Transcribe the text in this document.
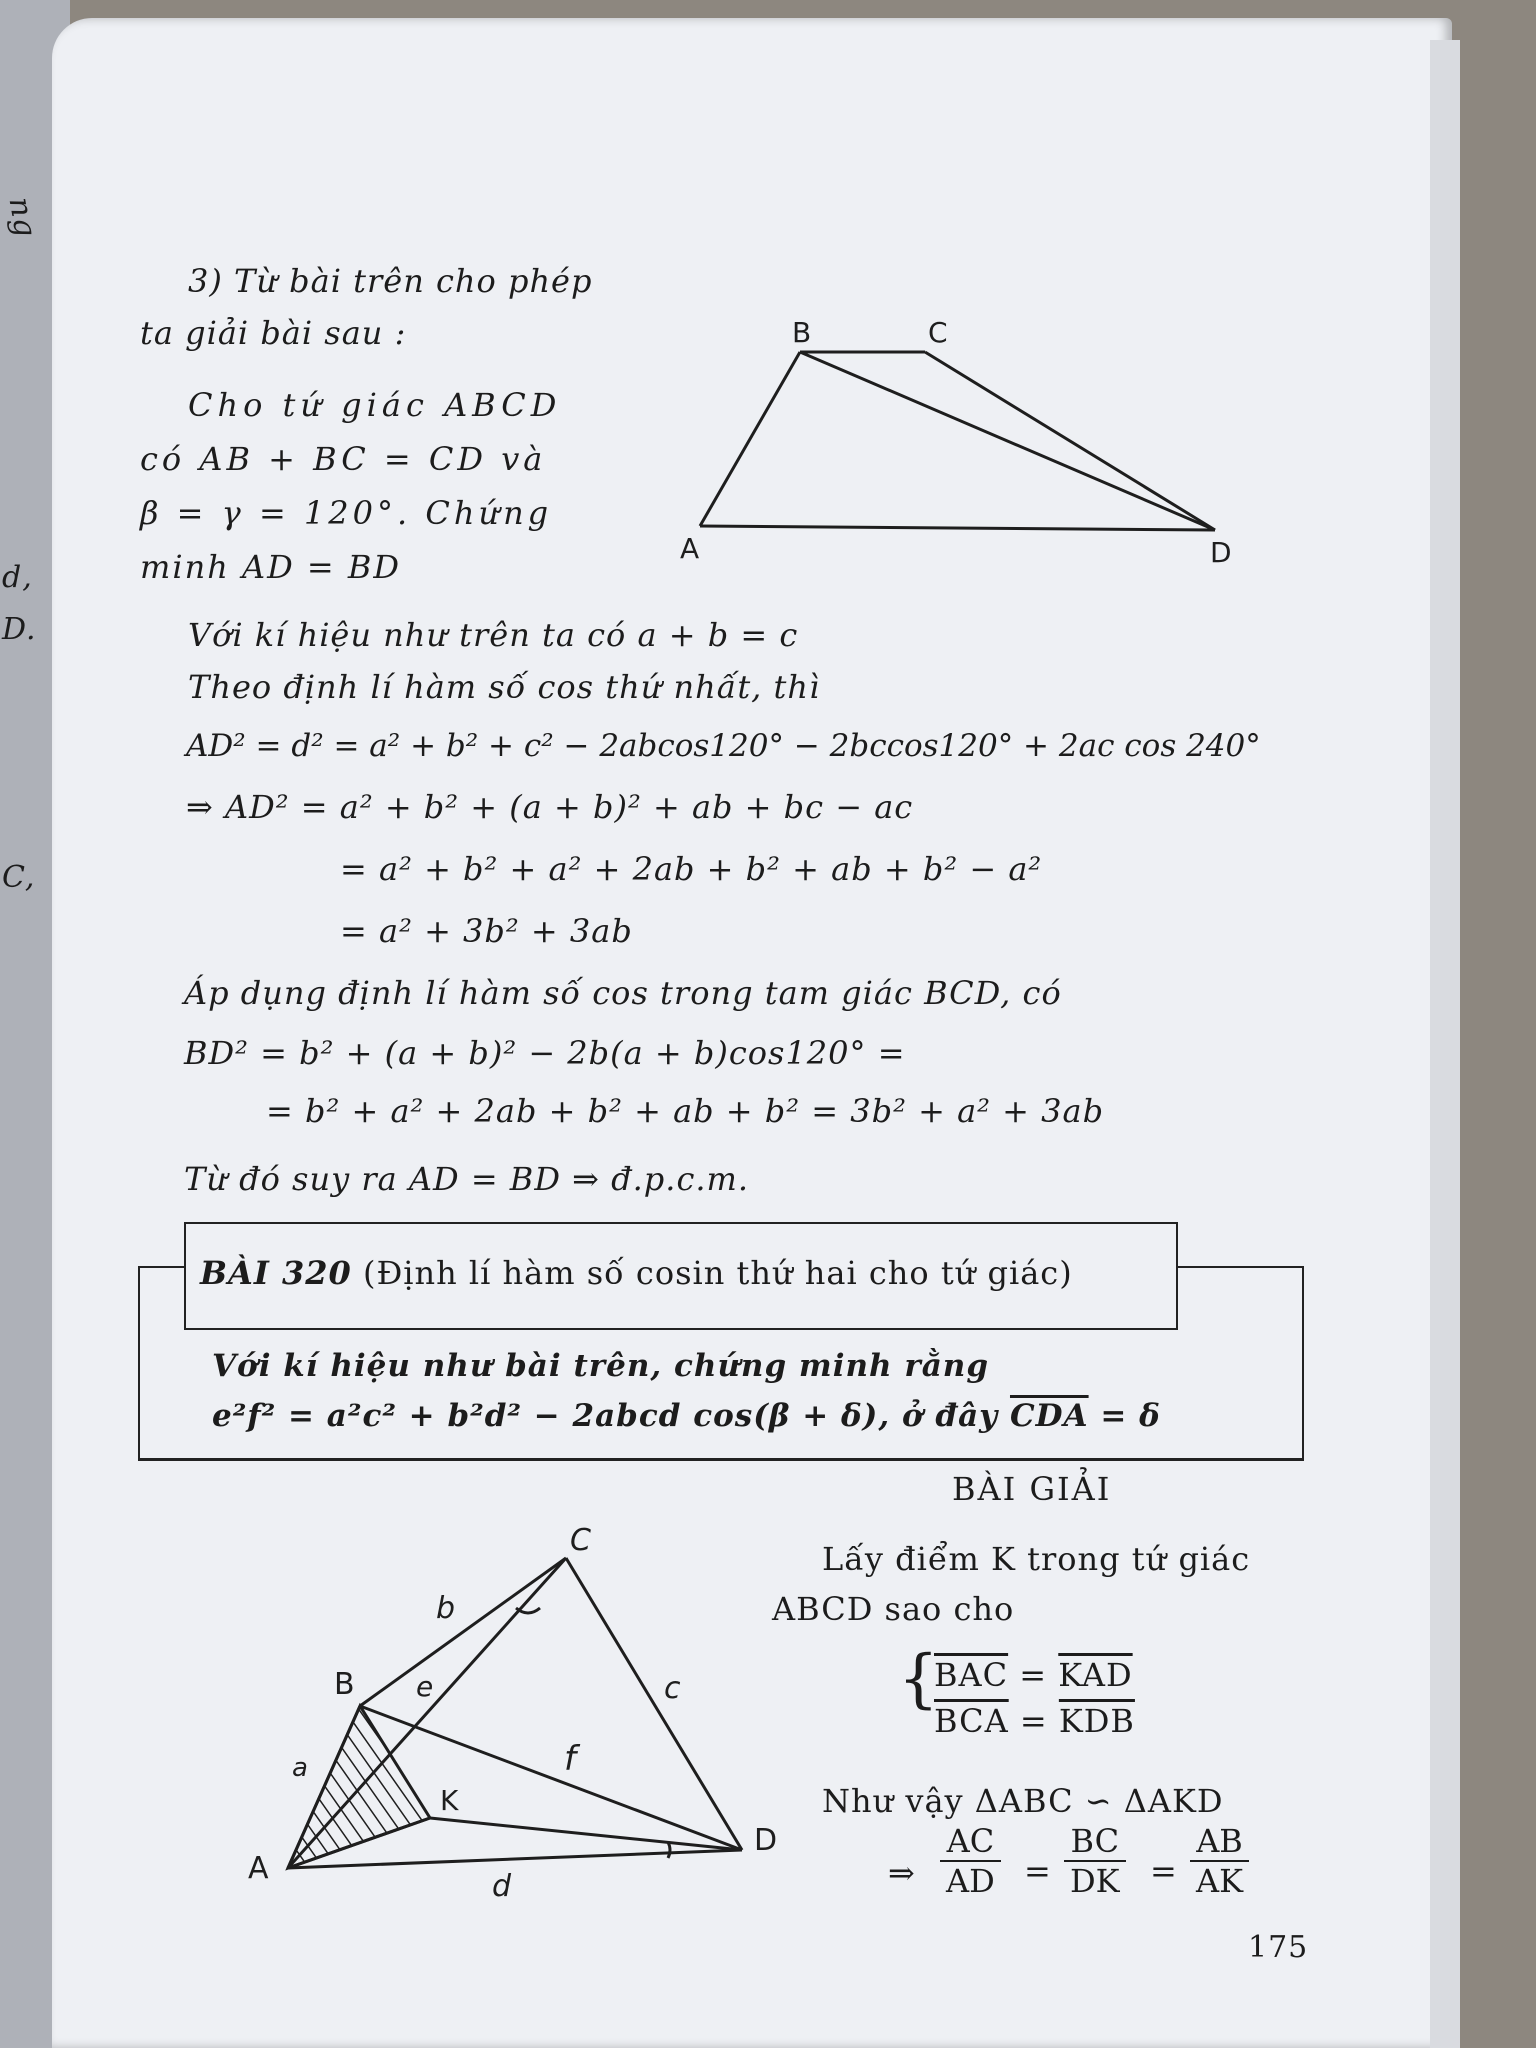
ng
d,
D.
C,
3) Từ bài trên cho phép
ta giải bài sau :
Cho tứ giác ABCD
có AB + BC = CD và
β = γ = 120°. Chứng
minh AD = BD
B	C
A	D
Với kí hiệu như trên ta có a + b = c
Theo định lí hàm số cos thứ nhất, thì
AD² = d² = a² + b² + c² − 2abcos120° − 2bccos120° + 2ac cos 240°
⇒ AD² = a² + b² + (a + b)² + ab + bc − ac
= a² + b² + a² + 2ab + b² + ab + b² − a²
= a² + 3b² + 3ab
Áp dụng định lí hàm số cos trong tam giác BCD, có
BD² = b² + (a + b)² − 2b(a + b)cos120° =
= b² + a² + 2ab + b² + ab + b² = 3b² + a² + 3ab
Từ đó suy ra AD = BD ⇒ đ.p.c.m.
BÀI 320 (Định lí hàm số cosin thứ hai cho tứ giác)
Với kí hiệu như bài trên, chứng minh rằng
e²f² = a²c² + b²d² − 2abcd cos(β + δ), ở đây $\overline{CDA} = \delta$
BÀI GIẢI
Lấy điểm K trong tứ giác
ABCD sao cho
{
$\overline{BAC} = \overline{KAD}$
$\overline{BCA} = \overline{KDB}$
Như vậy ΔABC ∽ ΔAKD
⇒ $\frac{AC}{AD} = \frac{BC}{DK} = \frac{AB}{AK}$
C
b
B e	c
f
a
K
A
D
d
175
